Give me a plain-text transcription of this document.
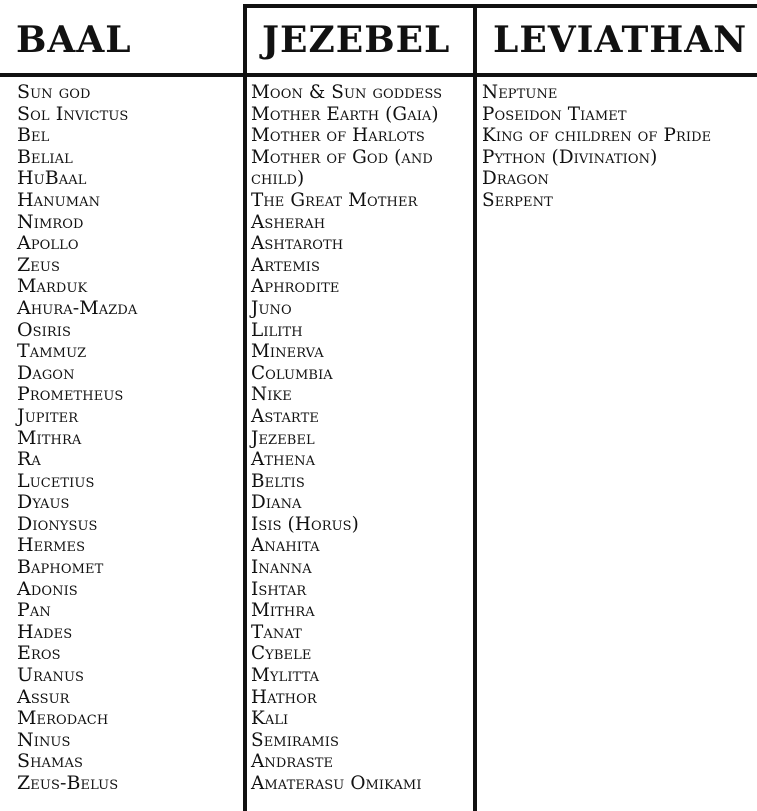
BAAL	JEZEBEL LEVIATHAN
Sun god
Sol Invictus
Bel
Belial
HuBaal
Hanuman
Nimrod
Apollo
Zeus
Marduk
Ahura-Mazda
Osiris
Tammuz
Dagon
Prometheus
Jupiter
Mithra
Ra
Lucetius
Dyaus
Dionysus
Hermes
Baphomet
Adonis
Pan
Hades
Eros
Uranus
Assur
Merodach
Ninus
Shamas
Zeus-Belus
Moon & Sun goddess
Mother Earth (Gaia)
Mother of Harlots
Mother of God (and
child)
The Great Mother
Asherah
Ashtaroth
Artemis
Aphrodite
Juno
Lilith
Minerva
Columbia
Nike
Astarte
Jezebel
Athena
Beltis
Diana
Isis (Horus)
Anahita
Inanna
Ishtar
Mithra
Tanat
Cybele
Mylitta
Hathor
Kali
Semiramis
Andraste
Amaterasu Omikami
Neptune
Poseidon Tiamet
King of children of Pride
Python (Divination)
Dragon
Serpent
